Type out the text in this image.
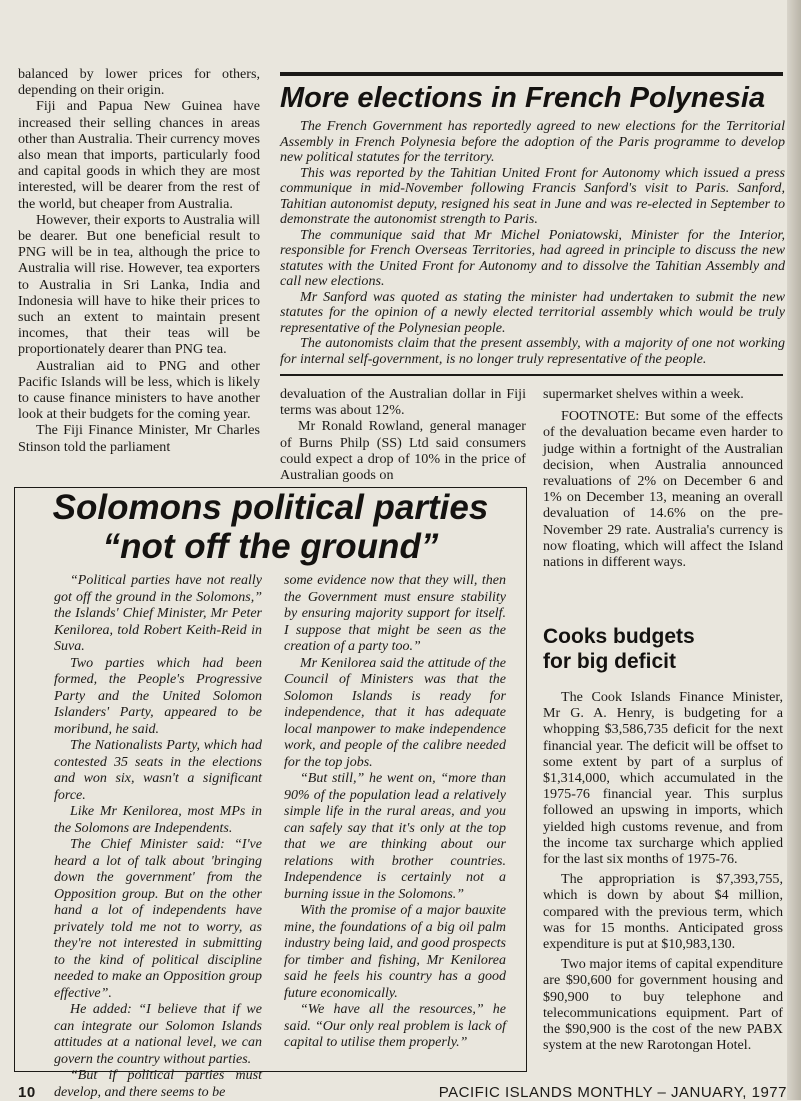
balanced by lower prices for others, depending on their origin.

Fiji and Papua New Guinea have increased their selling chances in areas other than Australia. Their currency moves also mean that imports, particularly food and capital goods in which they are most interested, will be dearer from the rest of the world, but cheaper from Australia.

However, their exports to Australia will be dearer. But one beneficial result to PNG will be in tea, although the price to Australia will rise. However, tea exporters to Australia in Sri Lanka, India and Indonesia will have to hike their prices to such an extent to maintain present incomes, that their teas will be proportionately dearer than PNG tea.

Australian aid to PNG and other Pacific Islands will be less, which is likely to cause finance ministers to have another look at their budgets for the coming year.

The Fiji Finance Minister, Mr Charles Stinson told the parliament

More elections in French Polynesia

The French Government has reportedly agreed to new elections for the Territorial Assembly in French Polynesia before the adoption of the Paris programme to develop new political statutes for the territory.

This was reported by the Tahitian United Front for Autonomy which issued a press communique in mid-November following Francis Sanford's visit to Paris. Sanford, Tahitian autonomist deputy, resigned his seat in June and was re-elected in September to demonstrate the autonomist strength to Paris.

The communique said that Mr Michel Poniatowski, Minister for the Interior, responsible for French Overseas Territories, had agreed in principle to discuss the new statutes with the United Front for Autonomy and to dissolve the Tahitian Assembly and call new elections.

Mr Sanford was quoted as stating the minister had undertaken to submit the new statutes for the opinion of a newly elected territorial assembly which would be truly representative of the Polynesian people.

The autonomists claim that the present assembly, with a majority of one not working for internal self-government, is no longer truly representative of the people.

devaluation of the Australian dollar in Fiji terms was about 12%.

Mr Ronald Rowland, general manager of Burns Philp (SS) Ltd said consumers could expect a drop of 10% in the price of Australian goods on

supermarket shelves within a week.

FOOTNOTE: But some of the effects of the devaluation became even harder to judge within a fortnight of the Australian decision, when Australia announced revaluations of 2% on December 6 and 1% on December 13, meaning an overall devaluation of 14.6% on the pre-November 29 rate. Australia's currency is now floating, which will affect the Island nations in different ways.

Solomons political parties
“not off the ground”

“Political parties have not really got off the ground in the Solomons,” the Islands' Chief Minister, Mr Peter Kenilorea, told Robert Keith-Reid in Suva.

Two parties which had been formed, the People's Progressive Party and the United Solomon Islanders' Party, appeared to be moribund, he said.

The Nationalists Party, which had contested 35 seats in the elections and won six, wasn't a significant force.

Like Mr Kenilorea, most MPs in the Solomons are Independents.

The Chief Minister said: “I've heard a lot of talk about 'bringing down the government' from the Opposition group. But on the other hand a lot of independents have privately told me not to worry, as they're not interested in submitting to the kind of political discipline needed to make an Opposition group effective”.

He added: “I believe that if we can integrate our Solomon Islands attitudes at a national level, we can govern the country without parties.

“But if political parties must develop, and there seems to be

some evidence now that they will, then the Government must ensure stability by ensuring majority support for itself. I suppose that might be seen as the creation of a party too.”

Mr Kenilorea said the attitude of the Council of Ministers was that the Solomon Islands is ready for independence, that it has adequate local manpower to make independence work, and people of the calibre needed for the top jobs.

“But still,” he went on, “more than 90% of the population lead a relatively simple life in the rural areas, and you can safely say that it's only at the top that we are thinking about our relations with brother countries. Independence is certainly not a burning issue in the Solomons.”

With the promise of a major bauxite mine, the foundations of a big oil palm industry being laid, and good prospects for timber and fishing, Mr Kenilorea said he feels his country has a good future economically.

“We have all the resources,” he said. “Our only real problem is lack of capital to utilise them properly.”

Cooks budgets
for big deficit

The Cook Islands Finance Minister, Mr G. A. Henry, is budgeting for a whopping $3,586,735 deficit for the next financial year. The deficit will be offset to some extent by part of a surplus of $1,314,000, which accumulated in the 1975-76 financial year. This surplus followed an upswing in imports, which yielded high customs revenue, and from the income tax surcharge which applied for the last six months of 1975-76.

The appropriation is $7,393,755, which is down by about $4 million, compared with the previous term, which was for 15 months. Anticipated gross expenditure is put at $10,983,130.

Two major items of capital expenditure are $90,600 for government housing and $90,900 to buy telephone and telecommunications equipment. Part of the $90,900 is the cost of the new PABX system at the new Rarotongan Hotel.

10	PACIFIC ISLANDS MONTHLY – JANUARY, 1977
